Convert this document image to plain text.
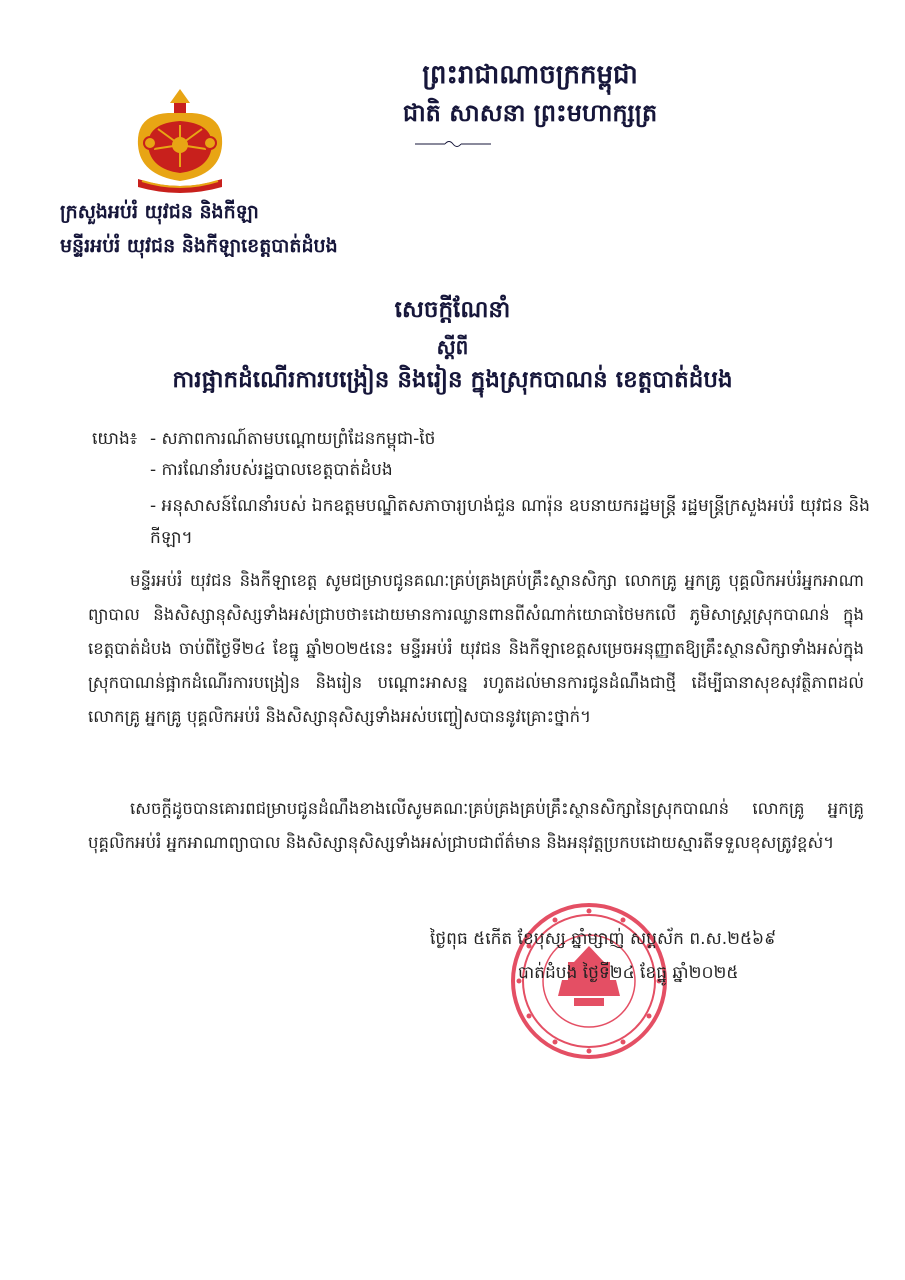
ព្រះរាជាណាចក្រកម្ពុជា
ជាតិ សាសនា ព្រះមហាក្សត្រ
ក្រសួងអប់រំ យុវជន និងកីឡា
មន្ទីរអប់រំ យុវជន និងកីឡាខេត្តបាត់ដំបង
សេចក្តីណែនាំ
ស្តីពី
ការផ្អាកដំណើរការបង្រៀន និងរៀន ក្នុងស្រុកបាណន់ ខេត្តបាត់ដំបង
យោង៖ - សភាពការណ៍តាមបណ្តោយព្រំដែនកម្ពុជា-ថៃ
- ការណែនាំរបស់រដ្ឋបាលខេត្តបាត់ដំបង
- អនុសាសន៍ណែនាំរបស់ ឯកឧត្តមបណ្ឌិតសភាចារ្យហង់ជួន ណារ៉ុន ឧបនាយករដ្ឋមន្ត្រី រដ្ឋមន្ត្រីក្រសួងអប់រំ យុវជន និងកីឡា។
មន្ទីរអប់រំ យុវជន និងកីឡាខេត្ត សូមជម្រាបជូនគណៈគ្រប់គ្រងគ្រប់គ្រឹះស្ថានសិក្សា លោកគ្រូ អ្នកគ្រូ បុគ្គលិកអប់រំអ្នកអាណាព្យាបាល និងសិស្សានុសិស្សទាំងអស់ជ្រាបថា៖ដោយមានការឈ្លានពានពីសំណាក់យោធាថៃមកលើ ភូមិសាស្ត្រស្រុកបាណន់ ក្នុងខេត្តបាត់ដំបង ចាប់ពីថ្ងៃទី២៤ ខែធ្នូ ឆ្នាំ២០២៥នេះ មន្ទីរអប់រំ យុវជន និងកីឡាខេត្តសម្រេចអនុញ្ញាតឱ្យគ្រឹះស្ថានសិក្សាទាំងអស់ក្នុងស្រុកបាណន់ផ្អាកដំណើរការបង្រៀន និងរៀន បណ្តោះអាសន្ន រហូតដល់មានការជូនដំណឹងជាថ្មី ដើម្បីធានាសុខសុវត្ថិភាពដល់ លោកគ្រូ អ្នកគ្រូ បុគ្គលិកអប់រំ និងសិស្សានុសិស្សទាំងអស់បញ្ចៀសបាននូវគ្រោះថ្នាក់។
សេចក្តីដូចបានគោរពជម្រាបជូនដំណឹងខាងលើសូមគណៈគ្រប់គ្រងគ្រប់គ្រឹះស្ថានសិក្សានៃស្រុកបាណន់ លោកគ្រូ អ្នកគ្រូ បុគ្គលិកអប់រំ អ្នកអាណាព្យាបាល និងសិស្សានុសិស្សទាំងអស់ជ្រាបជាព័ត៌មាន និងអនុវត្តប្រកបដោយស្មារតីទទួលខុសត្រូវខ្ពស់។
ថ្ងៃពុធ ៥កើត ខែបុស្ស ឆ្នាំម្សាញ់ សប្តស័ក ព.ស.២៥៦៩
បាត់ដំបង ថ្ងៃទី២៤ ខែធ្នូ ឆ្នាំ២០២៥
